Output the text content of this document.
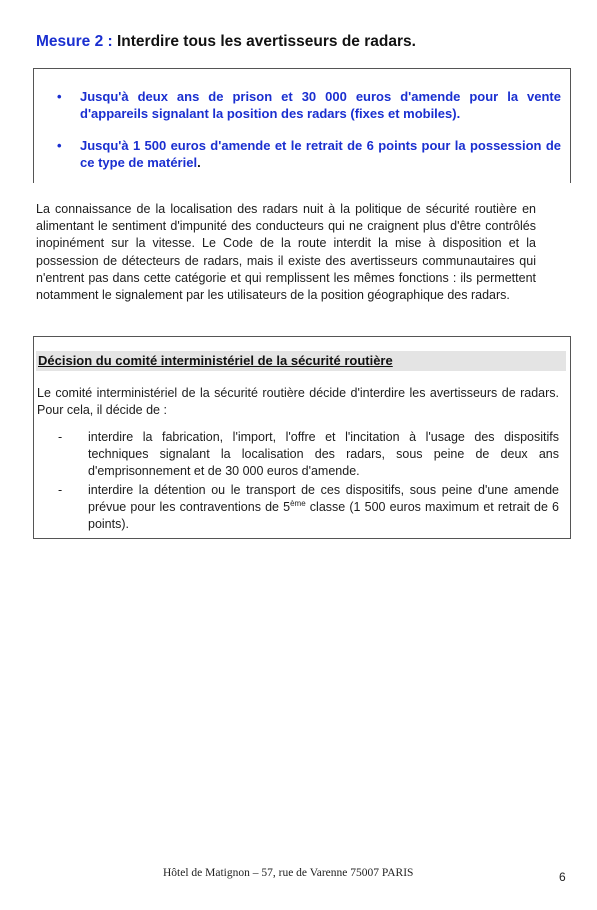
Mesure 2 : Interdire tous les avertisseurs de radars.
•	Jusqu'à deux ans de prison et 30 000 euros d'amende pour la vente d'appareils signalant la position des radars (fixes et mobiles).
•	Jusqu'à 1 500 euros d'amende et le retrait de 6 points pour la possession de ce type de matériel.

La connaissance de la localisation des radars nuit à la politique de sécurité routière en alimentant le sentiment d'impunité des conducteurs qui ne craignent plus d'être contrôlés inopinément sur la vitesse. Le Code de la route interdit la mise à disposition et la possession de détecteurs de radars, mais il existe des avertisseurs communautaires qui n'entrent pas dans cette catégorie et qui remplissent les mêmes fonctions : ils permettent notamment le signalement par les utilisateurs de la position géographique des radars.

Décision du comité interministériel de la sécurité routière

Le comité interministériel de la sécurité routière décide d'interdire les avertisseurs de radars. Pour cela, il décide de :

-	interdire la fabrication, l'import, l'offre et l'incitation à l'usage des dispositifs techniques signalant la localisation des radars, sous peine de deux ans d'emprisonnement et de 30 000 euros d'amende.
-	interdire la détention ou le transport de ces dispositifs, sous peine d'une amende prévue pour les contraventions de 5ème classe (1 500 euros maximum et retrait de 6 points).
Hôtel de Matignon – 57, rue de Varenne 75007 PARIS	6
